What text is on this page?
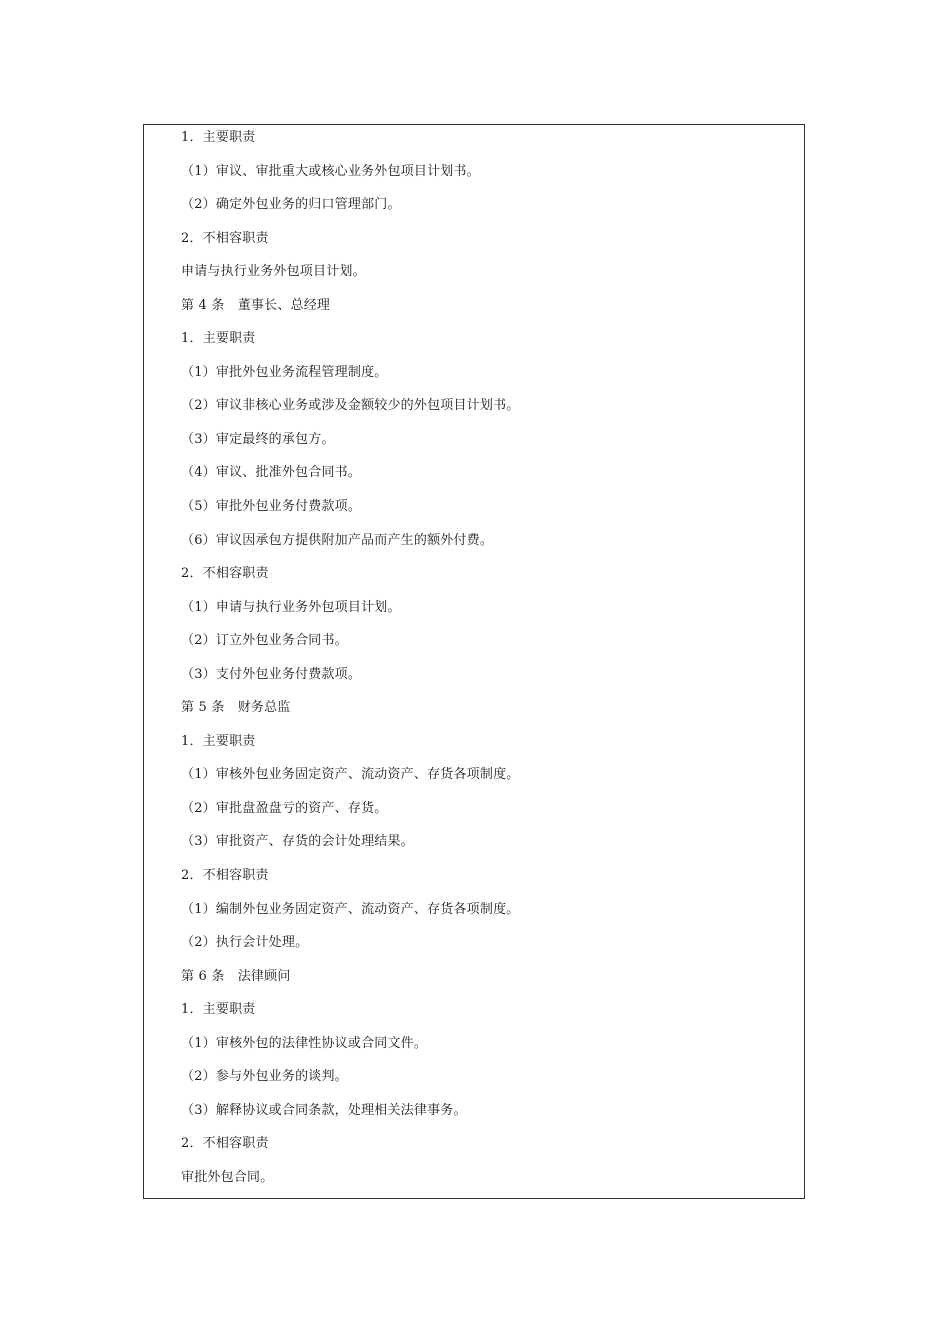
1．主要职责
（1）审议、审批重大或核心业务外包项目计划书。
（2）确定外包业务的归口管理部门。
2．不相容职责
申请与执行业务外包项目计划。
第 4 条　董事长、总经理
1．主要职责
（1）审批外包业务流程管理制度。
（2）审议非核心业务或涉及金额较少的外包项目计划书。
（3）审定最终的承包方。
（4）审议、批准外包合同书。
（5）审批外包业务付费款项。
（6）审议因承包方提供附加产品而产生的额外付费。
2．不相容职责
（1）申请与执行业务外包项目计划。
（2）订立外包业务合同书。
（3）支付外包业务付费款项。
第 5 条　财务总监
1．主要职责
（1）审核外包业务固定资产、流动资产、存货各项制度。
（2）审批盘盈盘亏的资产、存货。
（3）审批资产、存货的会计处理结果。
2．不相容职责
（1）编制外包业务固定资产、流动资产、存货各项制度。
（2）执行会计处理。
第 6 条　法律顾问
1．主要职责
（1）审核外包的法律性协议或合同文件。
（2）参与外包业务的谈判。
（3）解释协议或合同条款，处理相关法律事务。
2．不相容职责
审批外包合同。
